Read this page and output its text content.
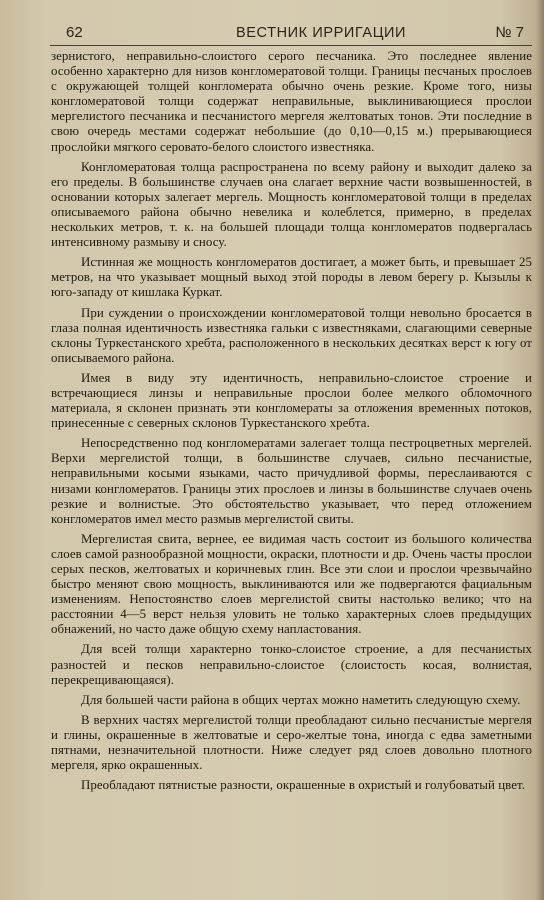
62	ВЕСТНИК ИРРИГАЦИИ	№ 7

зернистого, неправильно-слоистого серого песчаника. Это последнее явление особенно характерно для низов конгломератовой толщи. Границы песчаных прослоев с окружающей толщей конгломерата обычно очень резкие. Кроме того, низы конгломератовой толщи содержат неправильные, выклинивающиеся прослои мергелистого песчаника и песчанистого мергеля желтоватых тонов. Эти последние в свою очередь местами содержат небольшие (до 0,10—0,15 м.) прерывающиеся прослойки мягкого серовато-белого слоистого известняка.

Конгломератовая толща распространена по всему району и выходит далеко за его пределы. В большинстве случаев она слагает верхние части возвышенностей, в основании которых залегает мергель. Мощность конгломератовой толщи в пределах описываемого района обычно невелика и колеблется, примерно, в пределах нескольких метров, т. к. на большей площади толща конгломератов подвергалась интенсивному размыву и сносу.

Истинная же мощность конгломератов достигает, а может быть, и превышает 25 метров, на что указывает мощный выход этой породы в левом берегу р. Кызылы к юго-западу от кишлака Куркат.

При суждении о происхождении конгломератовой толщи невольно бросается в глаза полная идентичность известняка гальки с известняками, слагающими северные склоны Туркестанского хребта, расположенного в нескольких десятках верст к югу от описываемого района.

Имея в виду эту идентичность, неправильно-слоистое строение и встречающиеся линзы и неправильные прослои более мелкого обломочного материала, я склонен признать эти конгломераты за отложения временных потоков, принесенные с северных склонов Туркестанского хребта.

Непосредственно под конгломератами залегает толща пестроцветных мергелей. Верхи мергелистой толщи, в большинстве случаев, сильно песчанистые, неправильными косыми языками, часто причудливой формы, переслаиваются с низами конгломератов. Границы этих прослоев и линзы в большинстве случаев очень резкие и волнистые. Это обстоятельство указывает, что перед отложением конгломератов имел место размыв мергелистой свиты.

Мергелистая свита, вернее, ее видимая часть состоит из большого количества слоев самой разнообразной мощности, окраски, плотности и др. Очень часты прослои серых песков, желтоватых и коричневых глин. Все эти слои и прослои чрезвычайно быстро меняют свою мощность, выклиниваются или же подвергаются фациальным изменениям. Непостоянство слоев мергелистой свиты настолько велико; что на расстоянии 4—5 верст нельзя уловить не только характерных слоев предыдущих обнажений, но часто даже общую схему напластования.

Для всей толщи характерно тонко-слоистое строение, а для песчанистых разностей и песков неправильно-слоистое (слоистость косая, волнистая, перекрещивающаяся).

Для большей части района в общих чертах можно наметить следующую схему.

В верхних частях мергелистой толщи преобладают сильно песчанистые мергеля и глины, окрашенные в желтоватые и серо-желтые тона, иногда с едва заметными пятнами, незначительной плотности. Ниже следует ряд слоев довольно плотного мергеля, ярко окрашенных.

Преобладают пятнистые разности, окрашенные в охристый и голубоватый цвет.
